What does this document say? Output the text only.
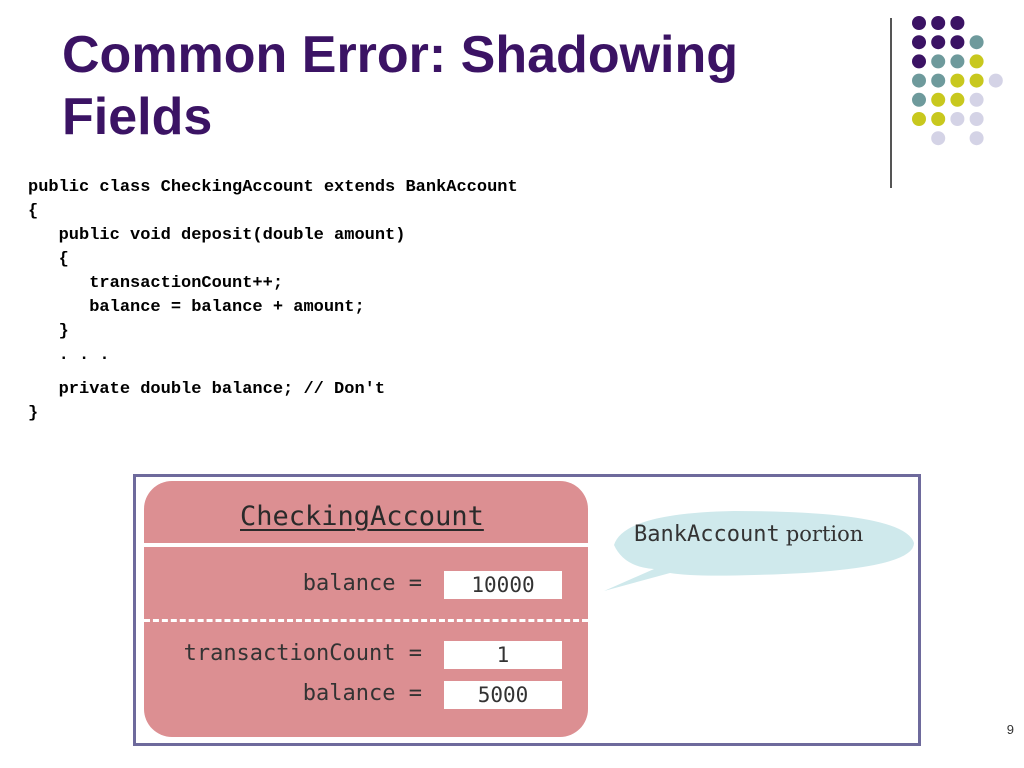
Common Error: Shadowing
Fields
public class CheckingAccount extends BankAccount
{
public void deposit(double amount)
{
transactionCount++;
balance = balance + amount;
}
. . .
private double balance; // Don't
}
CheckingAccount
balance =	10000
transactionCount =	1
balance =	5000
BankAccount portion
9
